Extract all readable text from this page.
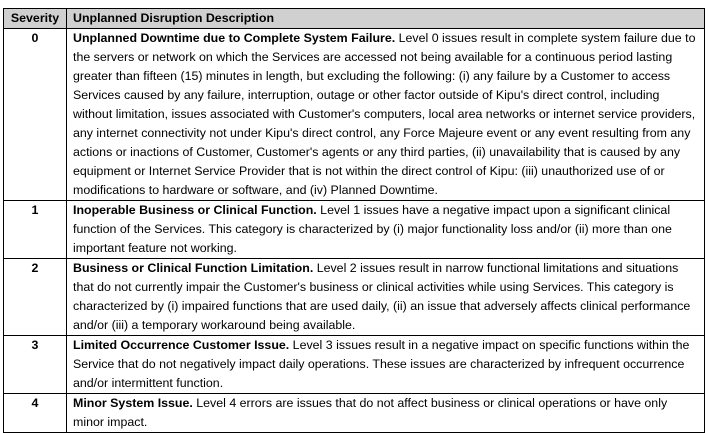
Severity	Unplanned Disruption Description
0	Unplanned Downtime due to Complete System Failure. Level 0 issues result in complete system failure due to the servers or network on which the Services are accessed not being available for a continuous period lasting greater than fifteen (15) minutes in length, but excluding the following: (i) any failure by a Customer to access Services caused by any failure, interruption, outage or other factor outside of Kipu's direct control, including without limitation, issues associated with Customer's computers, local area networks or internet service providers, any internet connectivity not under Kipu's direct control, any Force Majeure event or any event resulting from any actions or inactions of Customer, Customer's agents or any third parties, (ii) unavailability that is caused by any equipment or Internet Service Provider that is not within the direct control of Kipu: (iii) unauthorized use of or modifications to hardware or software, and (iv) Planned Downtime.
1	Inoperable Business or Clinical Function. Level 1 issues have a negative impact upon a significant clinical function of the Services. This category is characterized by (i) major functionality loss and/or (ii) more than one important feature not working.
2	Business or Clinical Function Limitation. Level 2 issues result in narrow functional limitations and situations that do not currently impair the Customer's business or clinical activities while using Services. This category is characterized by (i) impaired functions that are used daily, (ii) an issue that adversely affects clinical performance and/or (iii) a temporary workaround being available.
3	Limited Occurrence Customer Issue. Level 3 issues result in a negative impact on specific functions within the Service that do not negatively impact daily operations. These issues are characterized by infrequent occurrence and/or intermittent function.
4	Minor System Issue. Level 4 errors are issues that do not affect business or clinical operations or have only minor impact.
